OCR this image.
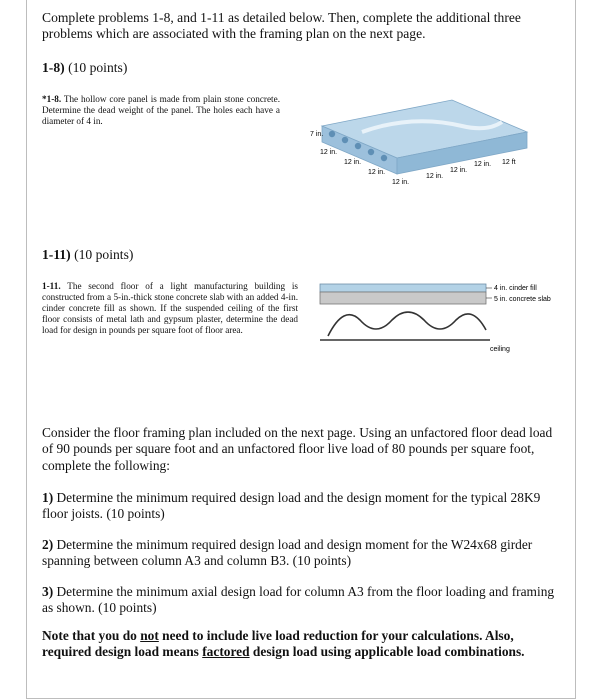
Complete problems 1-8, and 1-11 as detailed below. Then, complete the additional three problems which are associated with the framing plan on the next page.
1-8) (10 points)
*1-8. The hollow core panel is made from plain stone concrete. Determine the dead weight of the panel. The holes each have a diameter of 4 in.
7 in.
12 ft
12 in.
12 in.
12 in.
12 in.
12 in.
12 in.
12 in.
1-11) (10 points)
1-11. The second floor of a light manufacturing building is constructed from a 5-in.-thick stone concrete slab with an added 4-in. cinder concrete fill as shown. If the suspended ceiling of the first floor consists of metal lath and gypsum plaster, determine the dead load for design in pounds per square foot of floor area.
4 in. cinder fill
5 in. concrete slab
ceiling
Consider the floor framing plan included on the next page. Using an unfactored floor dead load of 90 pounds per square foot and an unfactored floor live load of 80 pounds per square foot, complete the following:
1) Determine the minimum required design load and the design moment for the typical 28K9 floor joists. (10 points)
2) Determine the minimum required design load and design moment for the W24x68 girder spanning between column A3 and column B3. (10 points)
3) Determine the minimum axial design load for column A3 from the floor loading and framing as shown. (10 points)
Note that you do not need to include live load reduction for your calculations. Also, required design load means factored design load using applicable load combinations.
